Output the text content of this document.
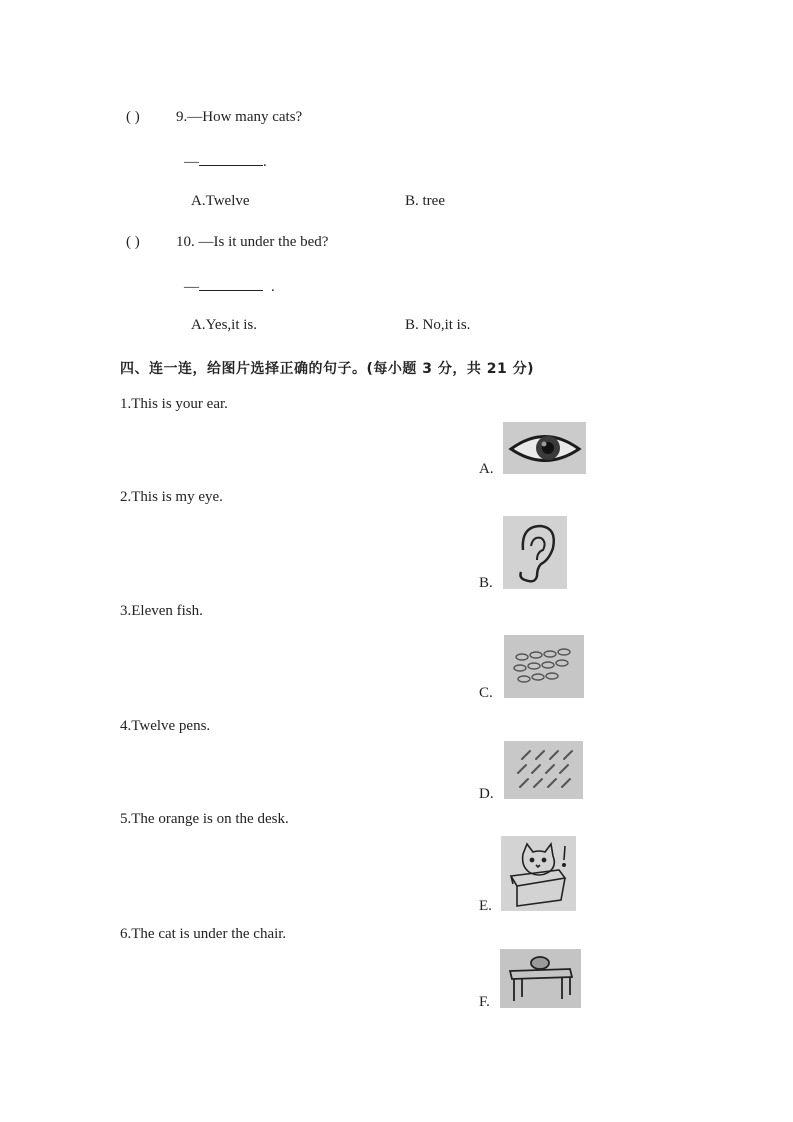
( ) 9.—How many cats?
—	.
A.Twelve	B. tree
( ) 10. —Is it under the bed?
—	.
A.Yes,it is.	B. No,it is.
四、连一连，给图片选择正确的句子。(每小题 3 分，共 21 分)
1.This is your ear.
2.This is my eye.
3.Eleven fish.
4.Twelve pens.
5.The orange is on the desk.
6.The cat is under the chair.
A.
B.
C.
D.
E.
F.
